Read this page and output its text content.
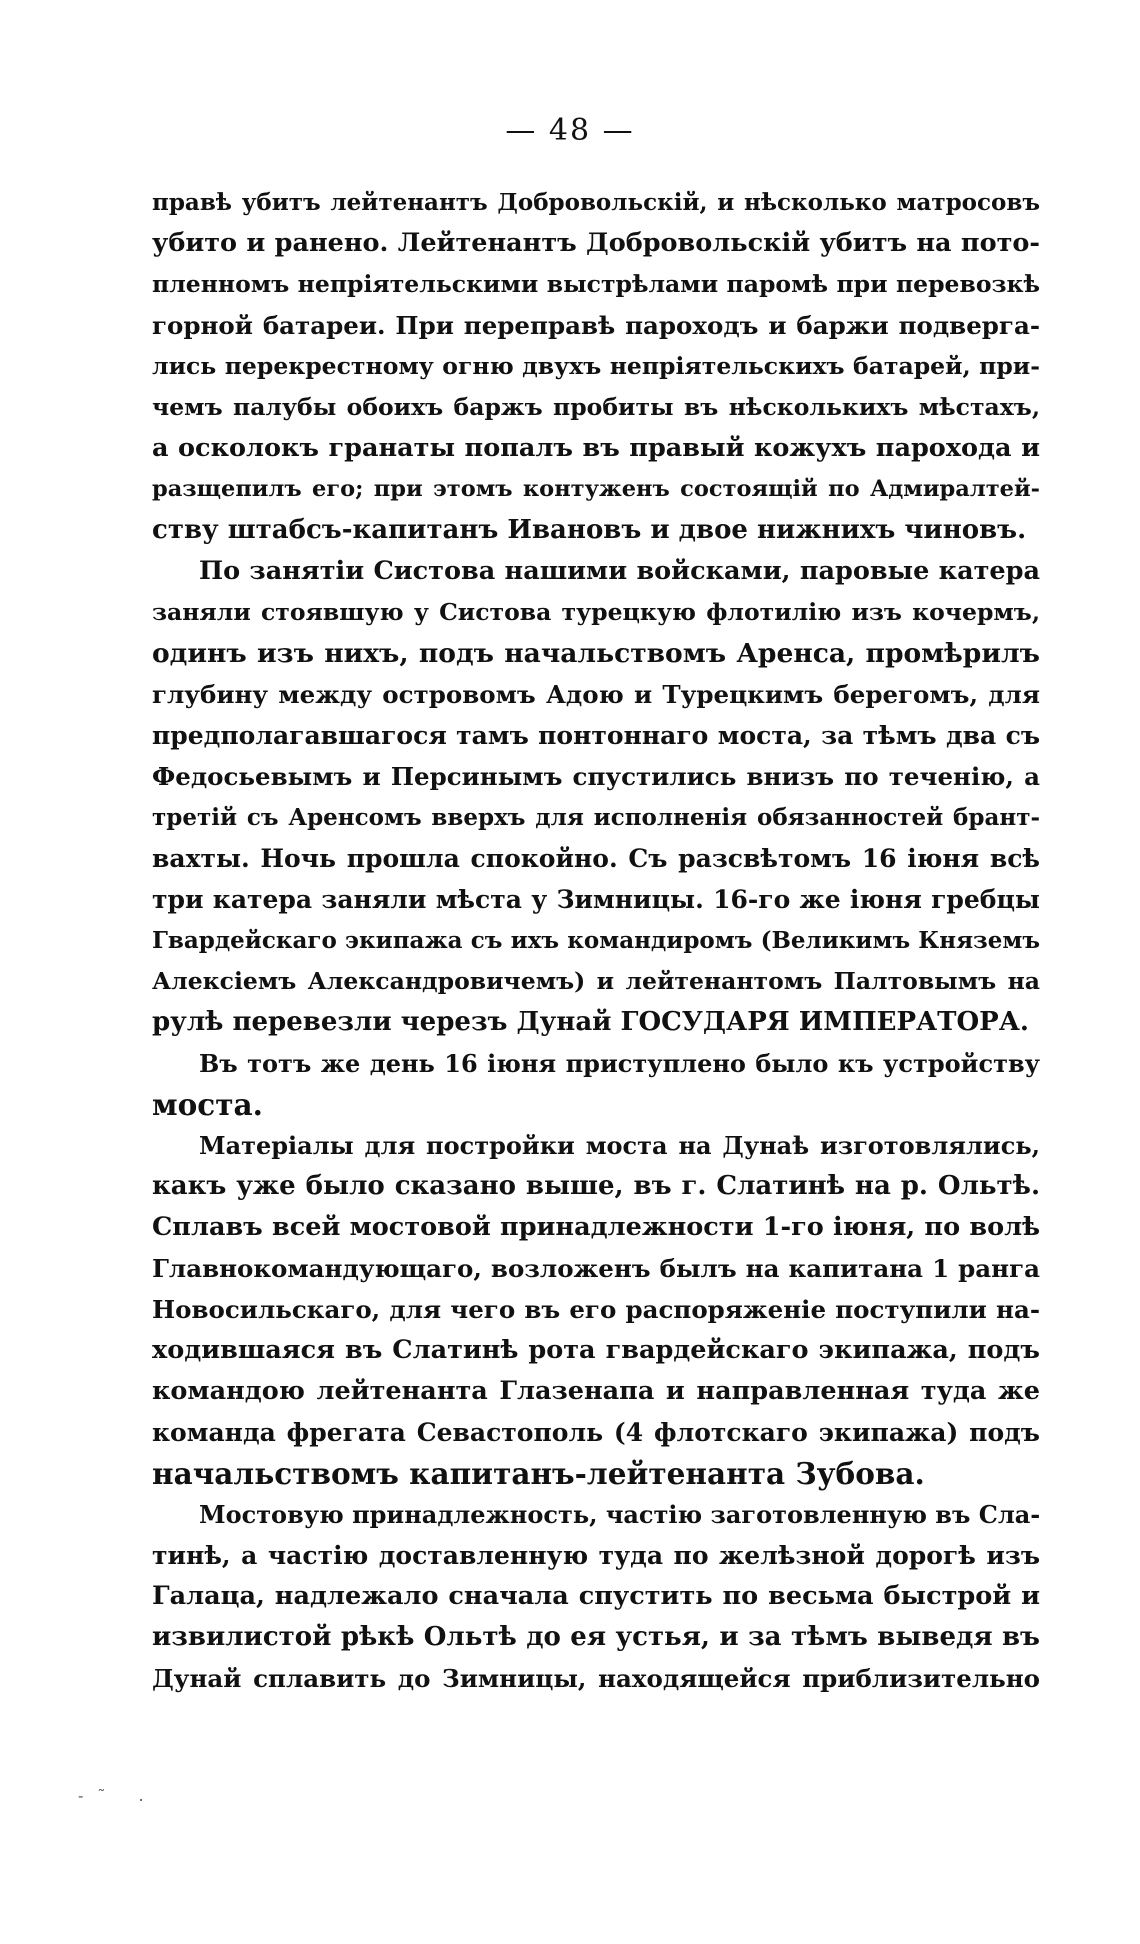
— 48 —
правѣ убитъ лейтенантъ Добровольскій, и нѣсколько матросовъ
убито и ранено. Лейтенантъ Добровольскій убитъ на пото-
пленномъ непріятельскими выстрѣлами паромѣ при перевозкѣ
горной батареи. При переправѣ пароходъ и баржи подверга-
лись перекрестному огню двухъ непріятельскихъ батарей, при-
чемъ палубы обоихъ баржъ пробиты въ нѣсколькихъ мѣстахъ,
а осколокъ гранаты попалъ въ правый кожухъ парохода и
разщепилъ его; при этомъ контуженъ состоящій по Адмиралтей-
ству штабсъ-капитанъ Ивановъ и двое нижнихъ чиновъ.
По занятіи Систова нашими войсками, паровые катера
заняли стоявшую у Систова турецкую флотилію изъ кочермъ,
одинъ изъ нихъ, подъ начальствомъ Аренса, промѣрилъ
глубину между островомъ Адою и Турецкимъ берегомъ, для
предполагавшагося тамъ понтоннаго моста, за тѣмъ два съ
Федосьевымъ и Персинымъ спустились внизъ по теченію, а
третій съ Аренсомъ вверхъ для исполненія обязанностей брант-
вахты. Ночь прошла спокойно. Съ разсвѣтомъ 16 іюня всѣ
три катера заняли мѣста у Зимницы. 16-го же іюня гребцы
Гвардейскаго экипажа съ ихъ командиромъ (Великимъ Княземъ
Алексіемъ Александровичемъ) и лейтенантомъ Палтовымъ на
рулѣ перевезли черезъ Дунай ГОСУДАРЯ ИМПЕРАТОРА.
Въ тотъ же день 16 іюня приступлено было къ устройству
моста.
Матеріалы для постройки моста на Дунаѣ изготовлялись,
какъ уже было сказано выше, въ г. Слатинѣ на р. Ольтѣ.
Сплавъ всей мостовой принадлежности 1-го іюня, по волѣ
Главнокомандующаго, возложенъ былъ на капитана 1 ранга
Новосильскаго, для чего въ его распоряженіе поступили на-
ходившаяся въ Слатинѣ рота гвардейскаго экипажа, подъ
командою лейтенанта Глазенапа и направленная туда же
команда фрегата Севастополь (4 флотскаго экипажа) подъ
начальствомъ капитанъ-лейтенанта Зубова.
Мостовую принадлежность, частію заготовленную въ Сла-
тинѣ, а частію доставленную туда по желѣзной дорогѣ изъ
Галаца, надлежало сначала спустить по весьма быстрой и
извилистой рѣкѣ Ольтѣ до ея устья, и за тѣмъ выведя въ
Дунай сплавить до Зимницы, находящейся приблизительно
-˜ .
